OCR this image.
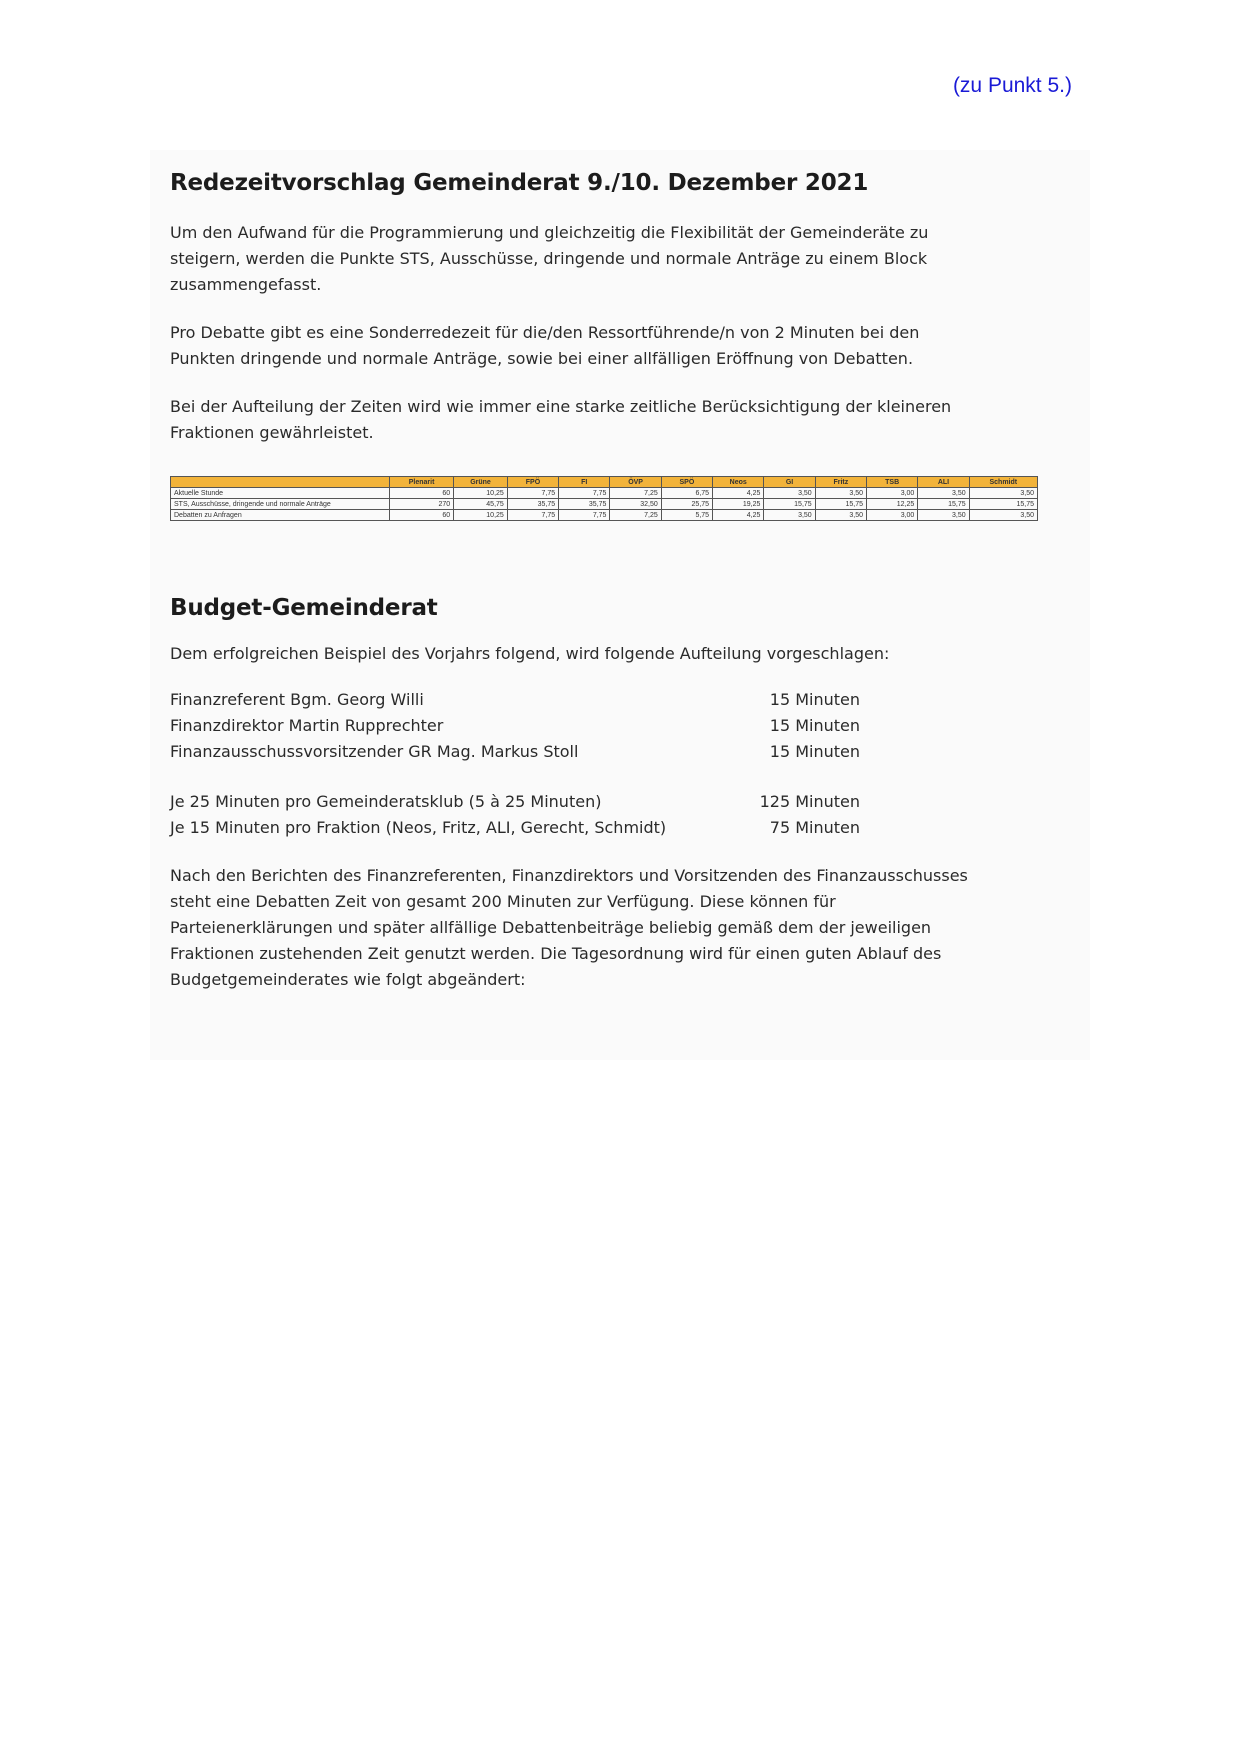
(zu Punkt 5.)
Redezeitvorschlag Gemeinderat 9./10. Dezember 2021

Um den Aufwand für die Programmierung und gleichzeitig die Flexibilität der Gemeinderäte zu
steigern, werden die Punkte STS, Ausschüsse, dringende und normale Anträge zu einem Block
zusammengefasst.

Pro Debatte gibt es eine Sonderredezeit für die/den Ressortführende/n von 2 Minuten bei den
Punkten dringende und normale Anträge, sowie bei einer allfälligen Eröffnung von Debatten.

Bei der Aufteilung der Zeiten wird wie immer eine starke zeitliche Berücksichtigung der kleineren
Fraktionen gewährleistet.

	Plenarit	Grüne	FPÖ	FI	ÖVP	SPÖ	Neos	GI	Fritz	TSB	ALI	Schmidt
Aktuelle Stunde	60	10,25	7,75	7,75	7,25	6,75	4,25	3,50	3,50	3,00	3,50	3,50
STS, Ausschüsse, dringende und normale Anträge	270	45,75	35,75	35,75	32,50	25,75	19,25	15,75	15,75	12,25	15,75	15,75
Debatten zu Anfragen	60	10,25	7,75	7,75	7,25	5,75	4,25	3,50	3,50	3,00	3,50	3,50
Budget-Gemeinderat

Dem erfolgreichen Beispiel des Vorjahrs folgend, wird folgende Aufteilung vorgeschlagen:

Finanzreferent Bgm. Georg Willi	15 Minuten
Finanzdirektor Martin Rupprechter	15 Minuten
Finanzausschussvorsitzender GR Mag. Markus Stoll	15 Minuten
Je 25 Minuten pro Gemeinderatsklub (5 à 25 Minuten)	125 Minuten
Je 15 Minuten pro Fraktion (Neos, Fritz, ALI, Gerecht, Schmidt)	75 Minuten

Nach den Berichten des Finanzreferenten, Finanzdirektors und Vorsitzenden des Finanzausschusses
steht eine Debatten Zeit von gesamt 200 Minuten zur Verfügung. Diese können für
Parteienerklärungen und später allfällige Debattenbeiträge beliebig gemäß dem der jeweiligen
Fraktionen zustehenden Zeit genutzt werden. Die Tagesordnung wird für einen guten Ablauf des
Budgetgemeinderates wie folgt abgeändert:
